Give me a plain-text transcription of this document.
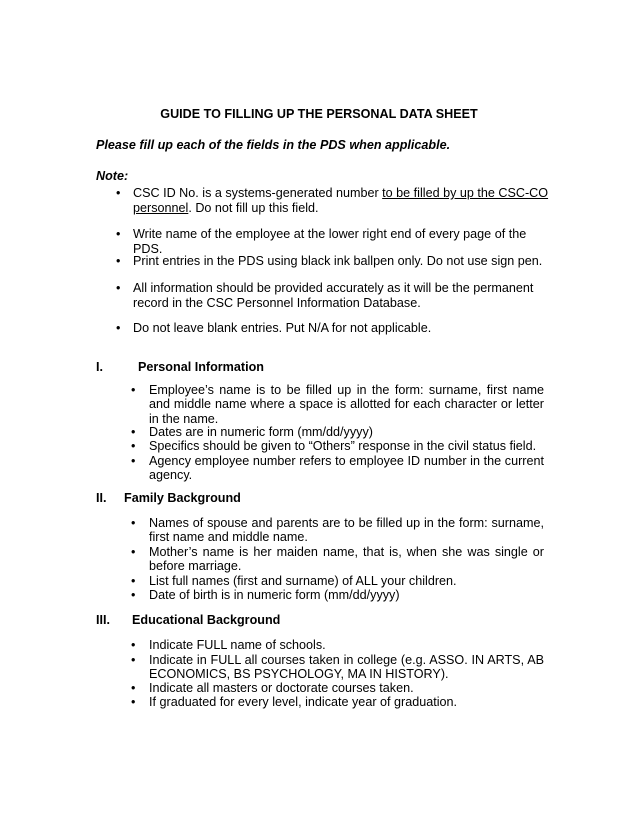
GUIDE TO FILLING UP THE PERSONAL DATA SHEET
Please fill up each of the fields in the PDS when applicable.
Note:
• CSC ID No. is a systems-generated number to be filled by up the CSC-CO personnel. Do not fill up this field.
• Write name of the employee at the lower right end of every page of the PDS.
• Print entries in the PDS using black ink ballpen only. Do not use sign pen.
• All information should be provided accurately as it will be the permanent record in the CSC Personnel Information Database.
• Do not leave blank entries. Put N/A for not applicable.
I.	Personal Information
• Employee’s name is to be filled up in the form: surname, first name and middle name where a space is allotted for each character or letter in the name.
• Dates are in numeric form (mm/dd/yyyy)
• Specifics should be given to “Others” response in the civil status field.
• Agency employee number refers to employee ID number in the current agency.
II. Family Background
• Names of spouse and parents are to be filled up in the form: surname, first name and middle name.
• Mother’s name is her maiden name, that is, when she was single or before marriage.
• List full names (first and surname) of ALL your children.
• Date of birth is in numeric form (mm/dd/yyyy)
III. Educational Background
• Indicate FULL name of schools.
• Indicate in FULL all courses taken in college (e.g. ASSO. IN ARTS, AB ECONOMICS, BS PSYCHOLOGY, MA IN HISTORY).
• Indicate all masters or doctorate courses taken.
• If graduated for every level, indicate year of graduation.
